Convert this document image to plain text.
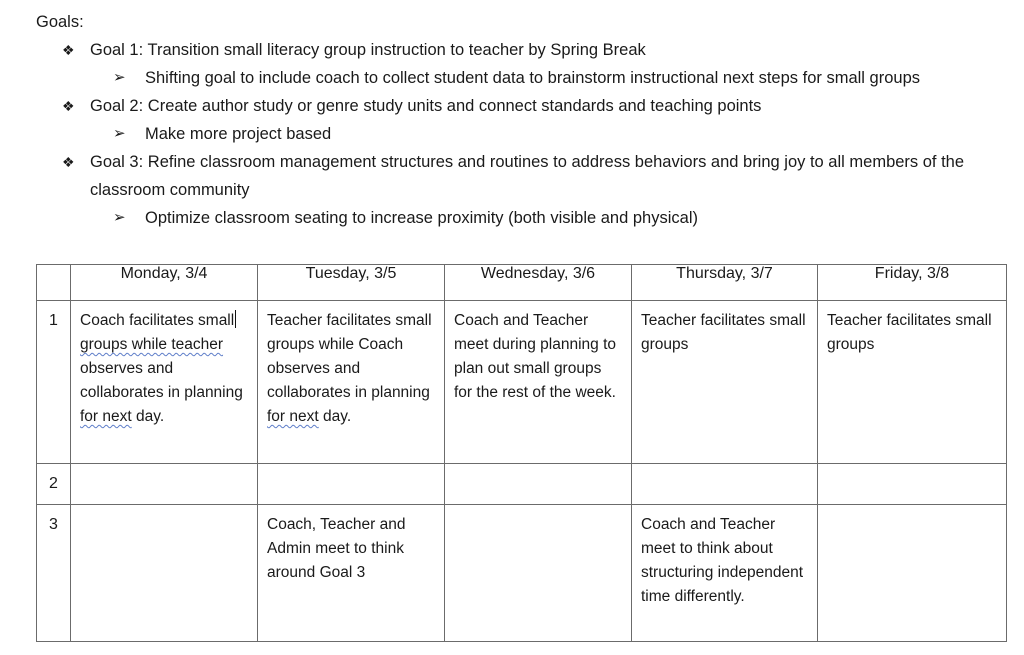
Goals:
❖ Goal 1: Transition small literacy group instruction to teacher by Spring Break
➢ Shifting goal to include coach to collect student data to brainstorm instructional next steps for small groups
❖ Goal 2: Create author study or genre study units and connect standards and teaching points
➢ Make more project based
❖ Goal 3: Refine classroom management structures and routines to address behaviors and bring joy to all members of the classroom community
➢ Optimize classroom seating to increase proximity (both visible and physical)
	Monday, 3/4	Tuesday, 3/5	Wednesday, 3/6	Thursday, 3/7	Friday, 3/8

1	Coach facilitates smallgroups while teacher observes and collaborates in planning for next day.	Teacher facilitates small groups while Coach observes and collaborates in planning for next day.	Coach and Teacher meet during planning to plan out small groups for the rest of the week.	Teacher facilitates small groups	Teacher facilitates small groups

2					

3		Coach, Teacher and Admin meet to think around Goal 3		Coach and Teacher meet to think about structuring independent time differently.	
